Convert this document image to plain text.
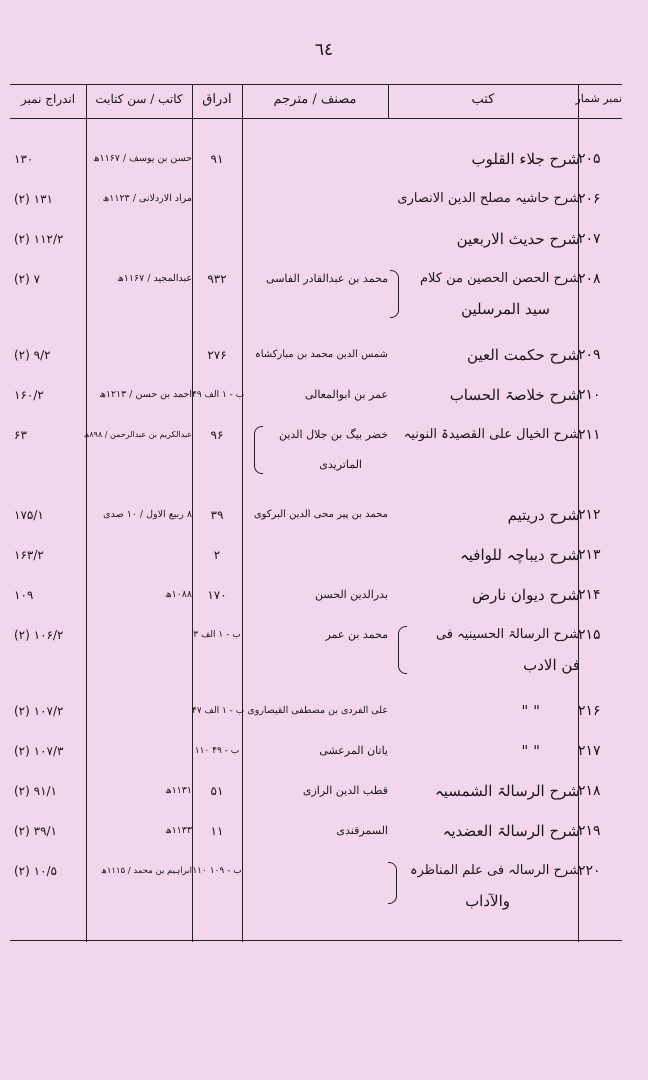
٦٤
نمبر شمار
کتب
مصنف / مترجم
ادراق
کاتب / سن کتابت
اندراج نمبر
۲۰۵
شرح جلاء القلوب
۹۱
حسن بن یوسف / ۱۱۶۷ھ
۱۳۰
۲۰۶
شرح حاشیہ مصلح الدین الانصاری
مراد الاردلانی / ۱۱۲۳ھ
(۲) ۱۳۱
۲۰۷
شرح حدیث الاربعین
(۲) ۱۱۲/۲
۲۰۸
شرح الحصن الحصین من کلام
سید المرسلین
محمد بن عبدالقادر الفاسی
۹۳۲
عبدالمجید / ۱۱۶۷ھ
(۲) ۷
۲۰۹
شرح حکمت العین
شمس الدین محمد بن مبارکشاہ
۲۷۶
(۲) ۹/۲
۲۱۰
شرح خلاصۃ الحساب
عمر بن ابوالمعالی
۴۹ ب - ۱ الف
احمد بن حسن / ۱۲۱۳ھ
۱۶۰/۲
۲۱۱
شرح الخیال علی القصیدۃ النونیہ
خضر بیگ بن جلال الدین
الماتریدی
۹۶
عبدالکریم بن عبدالرحمن / ۸۹۸ھ
۶۳
۲۱۲
شرح دریتیم
محمد بن پیر محی الدین البرکوی
۳۹
۸ ربیع الاول / ۱۰ صدی
۱۷۵/۱
۲۱۳
شرح دیباچہ للوافیہ
۲
۱۶۳/۲
۲۱۴
شرح دیوان نارض
بدرالدین الحسن
۱۷۰
۱۰۸۸ھ
۱۰۹
۲۱۵
شرح الرسالۃ الحسینیہ فی
فن الادب
محمد بن عمر
۳ ب - ۱ الف
(۲) ۱۰۶/۲
۲۱۶
" "
علی الفردی بن مصطفی القیصاروی
۴۷ ب - ۱ الف
(۲) ۱۰۷/۲
۲۱۷
" "
یاتان المرعشی
۱۱۰ ب - ۴۹
(۲) ۱۰۷/۳
۲۱۸
شرح الرسالۃ الشمسیہ
قطب الدین الرازی
۵۱
۱۱۳۱ھ
(۲) ۹۱/۱
۲۱۹
شرح الرسالۃ العضدیہ
السمرقندی
۱۱
۱۱۳۳ھ
(۲) ۳۹/۱
۲۲۰
شرح الرسالہ فی علم المناظرہ
والآداب
۱۱۰ ب - ۱۰۹
ابراہیم بن محمد / ۱۱۱۵ھ
(۲) ۱۰/۵
